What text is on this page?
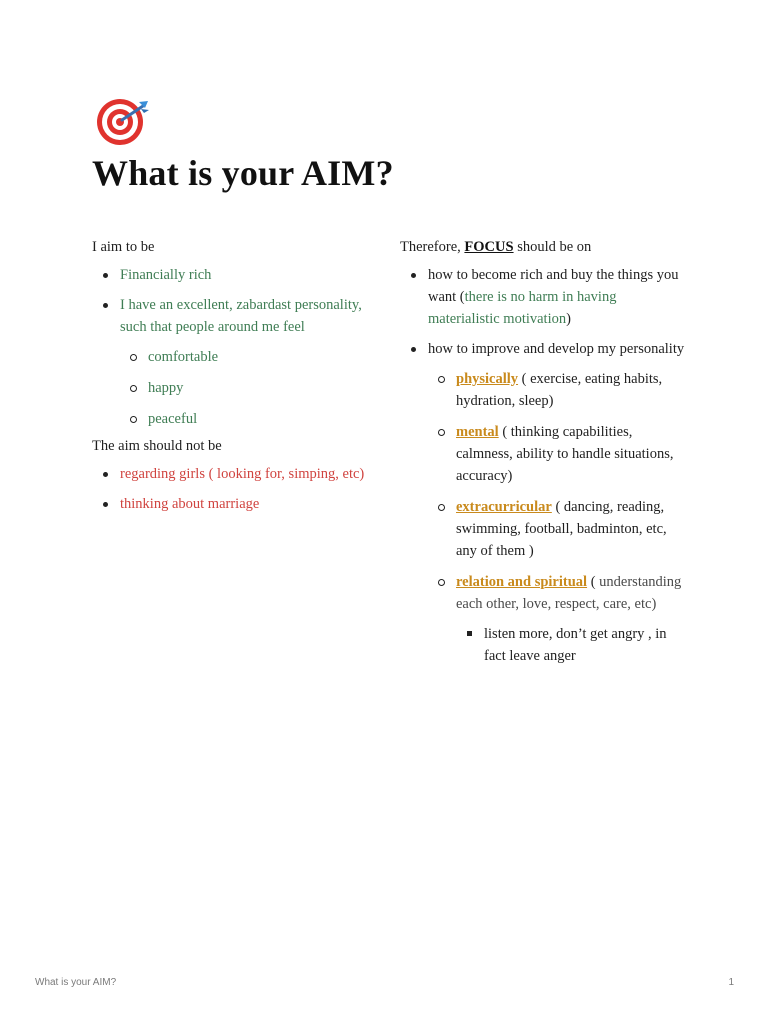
What is your AIM?

I aim to be

Financially rich
I have an excellent, zabardast personality, such that people around me feel
comfortable
happy
peaceful

The aim should not be

regarding girls ( looking for, simping, etc)
thinking about marriage

Therefore, FOCUS should be on

how to become rich and buy the things you want (there is no harm in having materialistic motivation)
how to improve and develop my personality
physically ( exercise, eating habits, hydration, sleep)
mental ( thinking capabilities, calmness, ability to handle situations, accuracy)
extracurricular ( dancing, reading, swimming, football, badminton, etc, any of them )
relation and spiritual ( understanding each other, love, respect, care, etc)
listen more, don’t get angry , in fact leave anger
What is your AIM?	1
